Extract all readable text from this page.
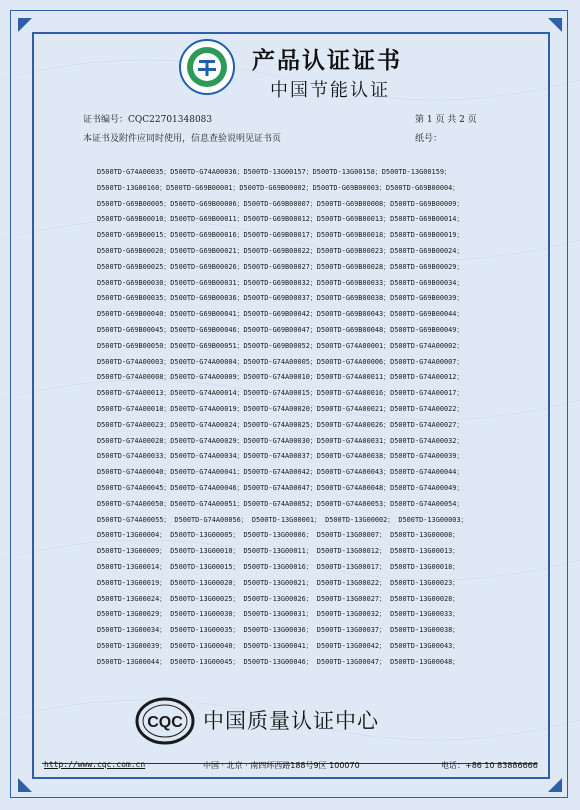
产品认证证书
中国节能认证
证书编号：CQC22701348083	第 1 页 共 2 页
本证书及附件应同时使用，信息查验说明见证书页	纸号：
D500TD-G74A00035；D500TD-G74A00036；D500TD-13G00157；D500TD-13G00158；D500TD-13G00159；
D500TD-13G00160；D500TD-G69B00001；D500TD-G69B00002；D500TD-G69B00003；D500TD-G69B00004；
D500TD-G69B00005；D500TD-G69B00006；D500TD-G69B00007；D500TD-G69B00008；D500TD-G69B00009；
D500TD-G69B00010；D500TD-G69B00011；D500TD-G69B00012；D500TD-G69B00013；D500TD-G69B00014；
D500TD-G69B00015；D500TD-G69B00016；D500TD-G69B00017；D500TD-G69B00018；D500TD-G69B00019；
D500TD-G69B00020；D500TD-G69B00021；D500TD-G69B00022；D500TD-G69B00023；D500TD-G69B00024；
D500TD-G69B00025；D500TD-G69B00026；D500TD-G69B00027；D500TD-G69B00028；D500TD-G69B00029；
D500TD-G69B00030；D500TD-G69B00031；D500TD-G69B00032；D500TD-G69B00033；D500TD-G69B00034；
D500TD-G69B00035；D500TD-G69B00036；D500TD-G69B00037；D500TD-G69B00038；D500TD-G69B00039；
D500TD-G69B00040；D500TD-G69B00041；D500TD-G69B00042；D500TD-G69B00043；D500TD-G69B00044；
D500TD-G69B00045；D500TD-G69B00046；D500TD-G69B00047；D500TD-G69B00048；D500TD-G69B00049；
D500TD-G69B00050；D500TD-G69B00051；D500TD-G69B00052；D500TD-G74A00001；D500TD-G74A00002；
D500TD-G74A00003；D500TD-G74A00004；D500TD-G74A00005；D500TD-G74A00006；D500TD-G74A00007；
D500TD-G74A00008；D500TD-G74A00009；D500TD-G74A00010；D500TD-G74A00011；D500TD-G74A00012；
D500TD-G74A00013；D500TD-G74A00014；D500TD-G74A00015；D500TD-G74A00016；D500TD-G74A00017；
D500TD-G74A00018；D500TD-G74A00019；D500TD-G74A00020；D500TD-G74A00021；D500TD-G74A00022；
D500TD-G74A00023；D500TD-G74A00024；D500TD-G74A00025；D500TD-G74A00026；D500TD-G74A00027；
D500TD-G74A00028；D500TD-G74A00029；D500TD-G74A00030；D500TD-G74A00031；D500TD-G74A00032；
D500TD-G74A00033；D500TD-G74A00034；D500TD-G74A00037；D500TD-G74A00038；D500TD-G74A00039；
D500TD-G74A00040；D500TD-G74A00041；D500TD-G74A00042；D500TD-G74A00043；D500TD-G74A00044；
D500TD-G74A00045；D500TD-G74A00046；D500TD-G74A00047；D500TD-G74A00048；D500TD-G74A00049；
D500TD-G74A00050；D500TD-G74A00051；D500TD-G74A00052；D500TD-G74A00053；D500TD-G74A00054；
D500TD-G74A00055； D500TD-G74A00056； D500TD-13G00001； D500TD-13G00002； D500TD-13G00003；
D500TD-13G00004； D500TD-13G00005； D500TD-13G00006； D500TD-13G00007； D500TD-13G00008；
D500TD-13G00009； D500TD-13G00010； D500TD-13G00011； D500TD-13G00012； D500TD-13G00013；
D500TD-13G00014； D500TD-13G00015； D500TD-13G00016； D500TD-13G00017； D500TD-13G00018；
D500TD-13G00019； D500TD-13G00020； D500TD-13G00021； D500TD-13G00022； D500TD-13G00023；
D500TD-13G00024； D500TD-13G00025； D500TD-13G00026； D500TD-13G00027； D500TD-13G00028；
D500TD-13G00029； D500TD-13G00030； D500TD-13G00031； D500TD-13G00032； D500TD-13G00033；
D500TD-13G00034； D500TD-13G00035； D500TD-13G00036； D500TD-13G00037； D500TD-13G00038；
D500TD-13G00039； D500TD-13G00040； D500TD-13G00041； D500TD-13G00042； D500TD-13G00043；
D500TD-13G00044； D500TD-13G00045； D500TD-13G00046； D500TD-13G00047； D500TD-13G00048；
CQC 中国质量认证中心
http://www.cqc.com.cn	中国 · 北京 · 南四环西路188号9区 100070	电话：+86 10 83886666
